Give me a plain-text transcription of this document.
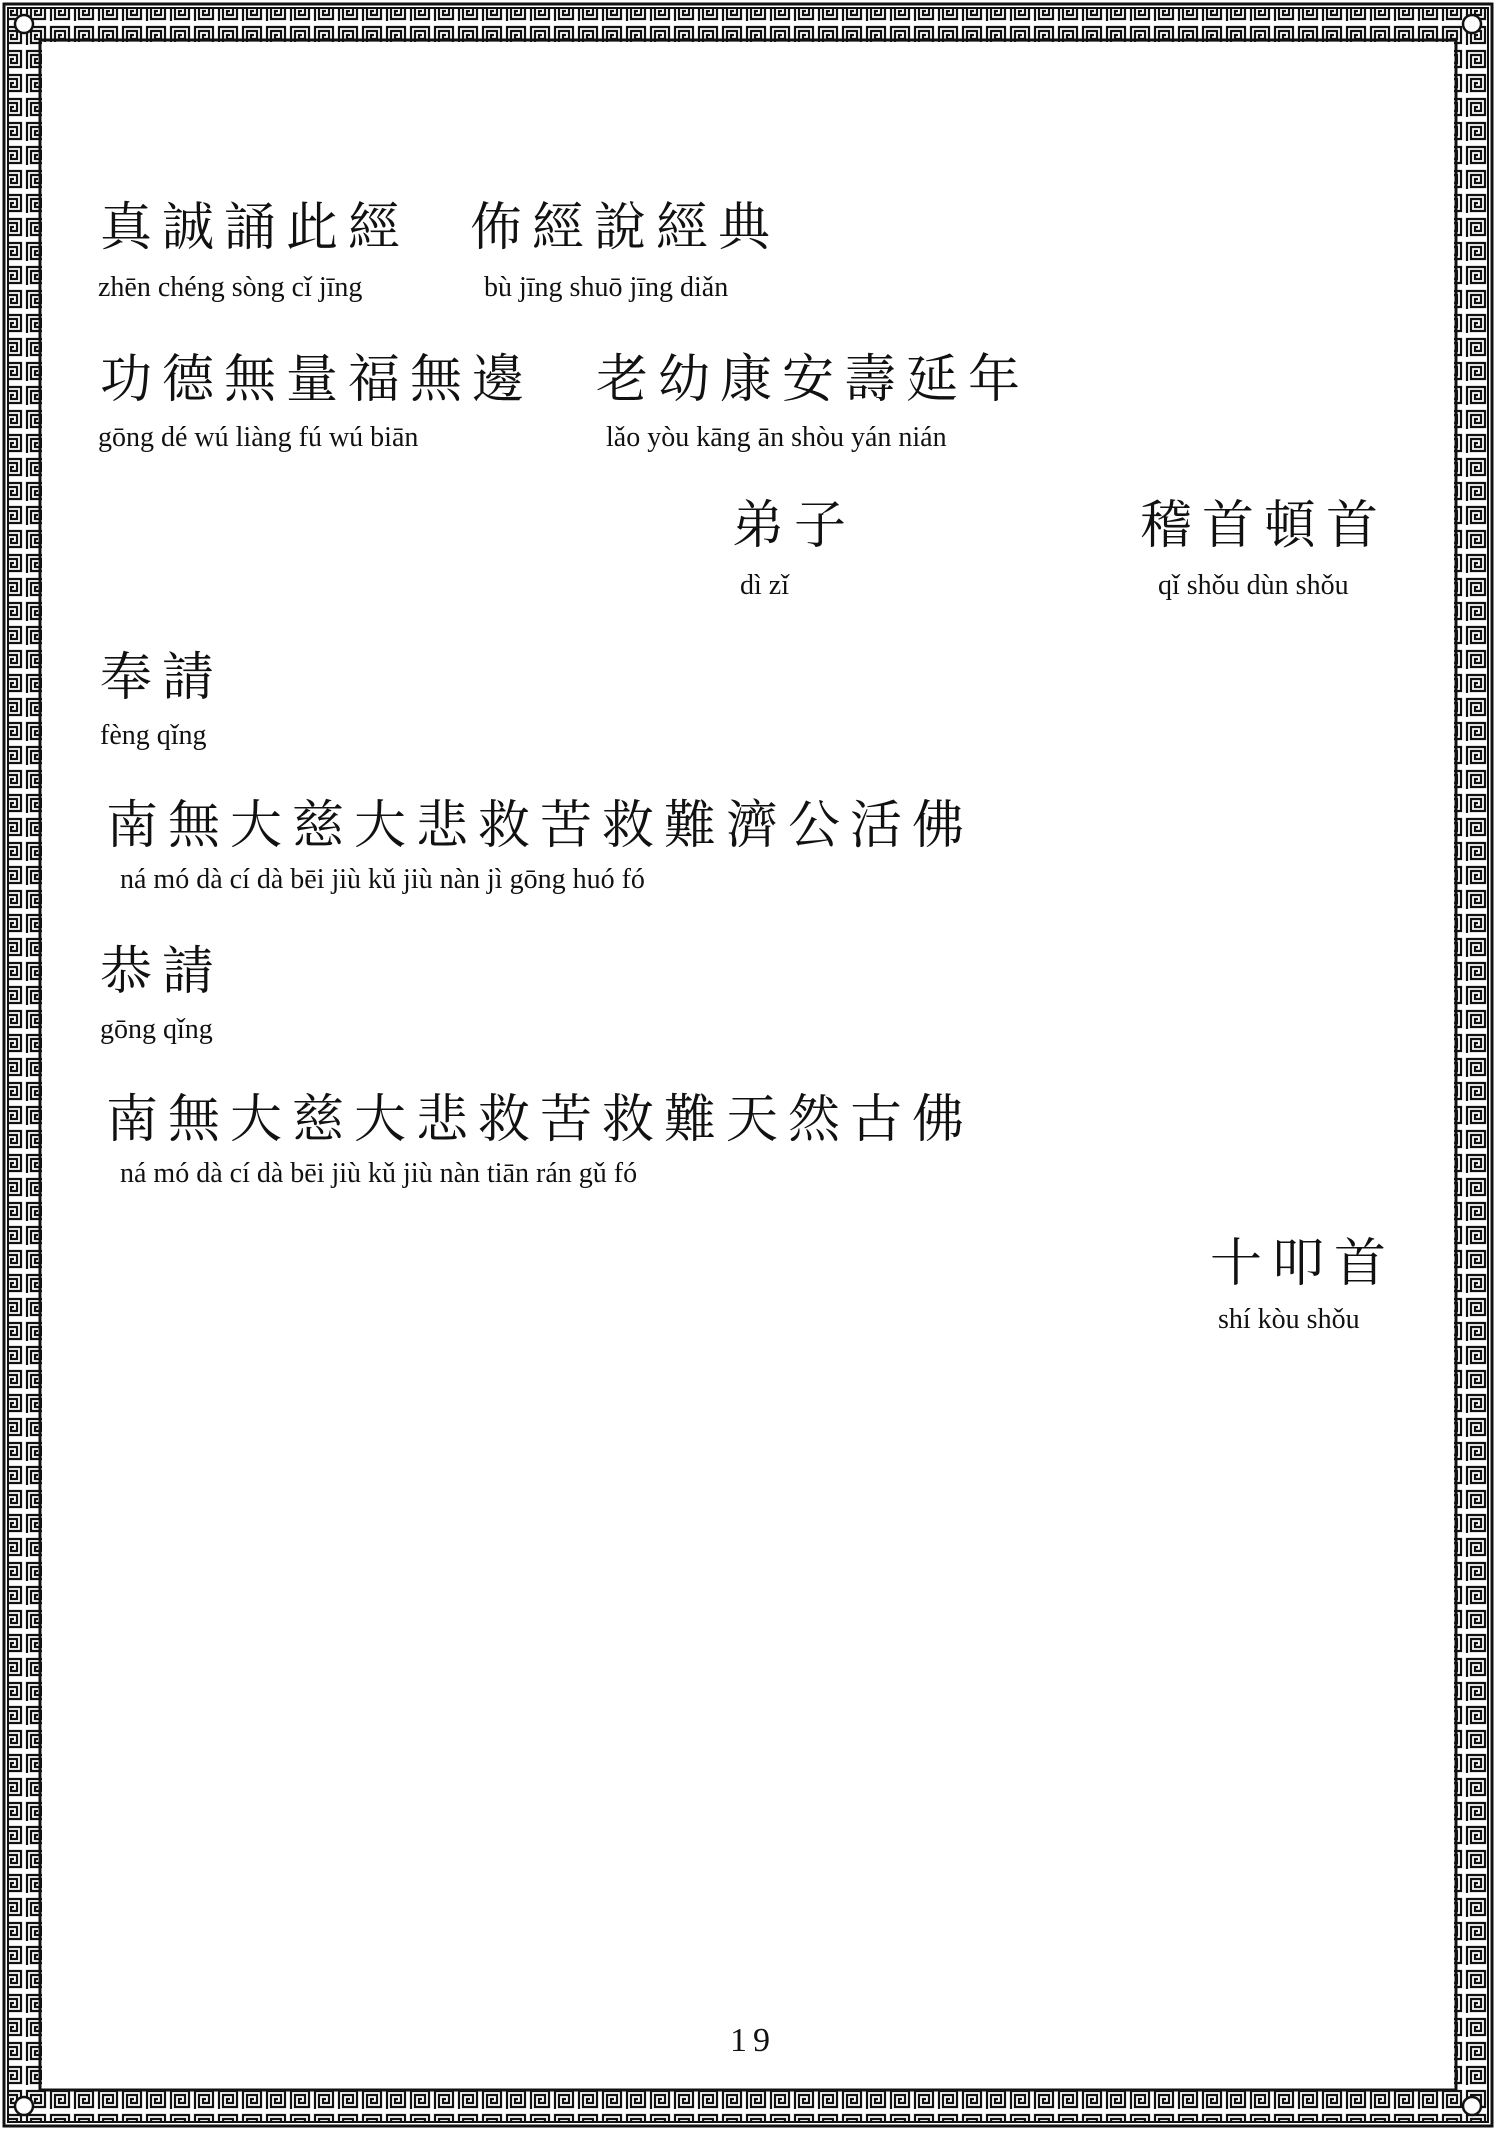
真誠誦此經
zhēn chéng sòng cǐ jīng
佈經說經典
bù jīng shuō jīng diǎn
功德無量福無邊
gōng dé wú liàng fú wú biān
老幼康安壽延年
lǎo yòu kāng ān shòu yán nián
弟子
dì zǐ
稽首頓首
qǐ shǒu dùn shǒu
奉請
fèng qǐng
南無大慈大悲救苦救難濟公活佛
ná mó dà cí dà bēi jiù kǔ jiù nàn jì gōng huó fó
恭請
gōng qǐng
南無大慈大悲救苦救難天然古佛
ná mó dà cí dà bēi jiù kǔ jiù nàn tiān rán gǔ fó
十叩首
shí kòu shǒu
19
